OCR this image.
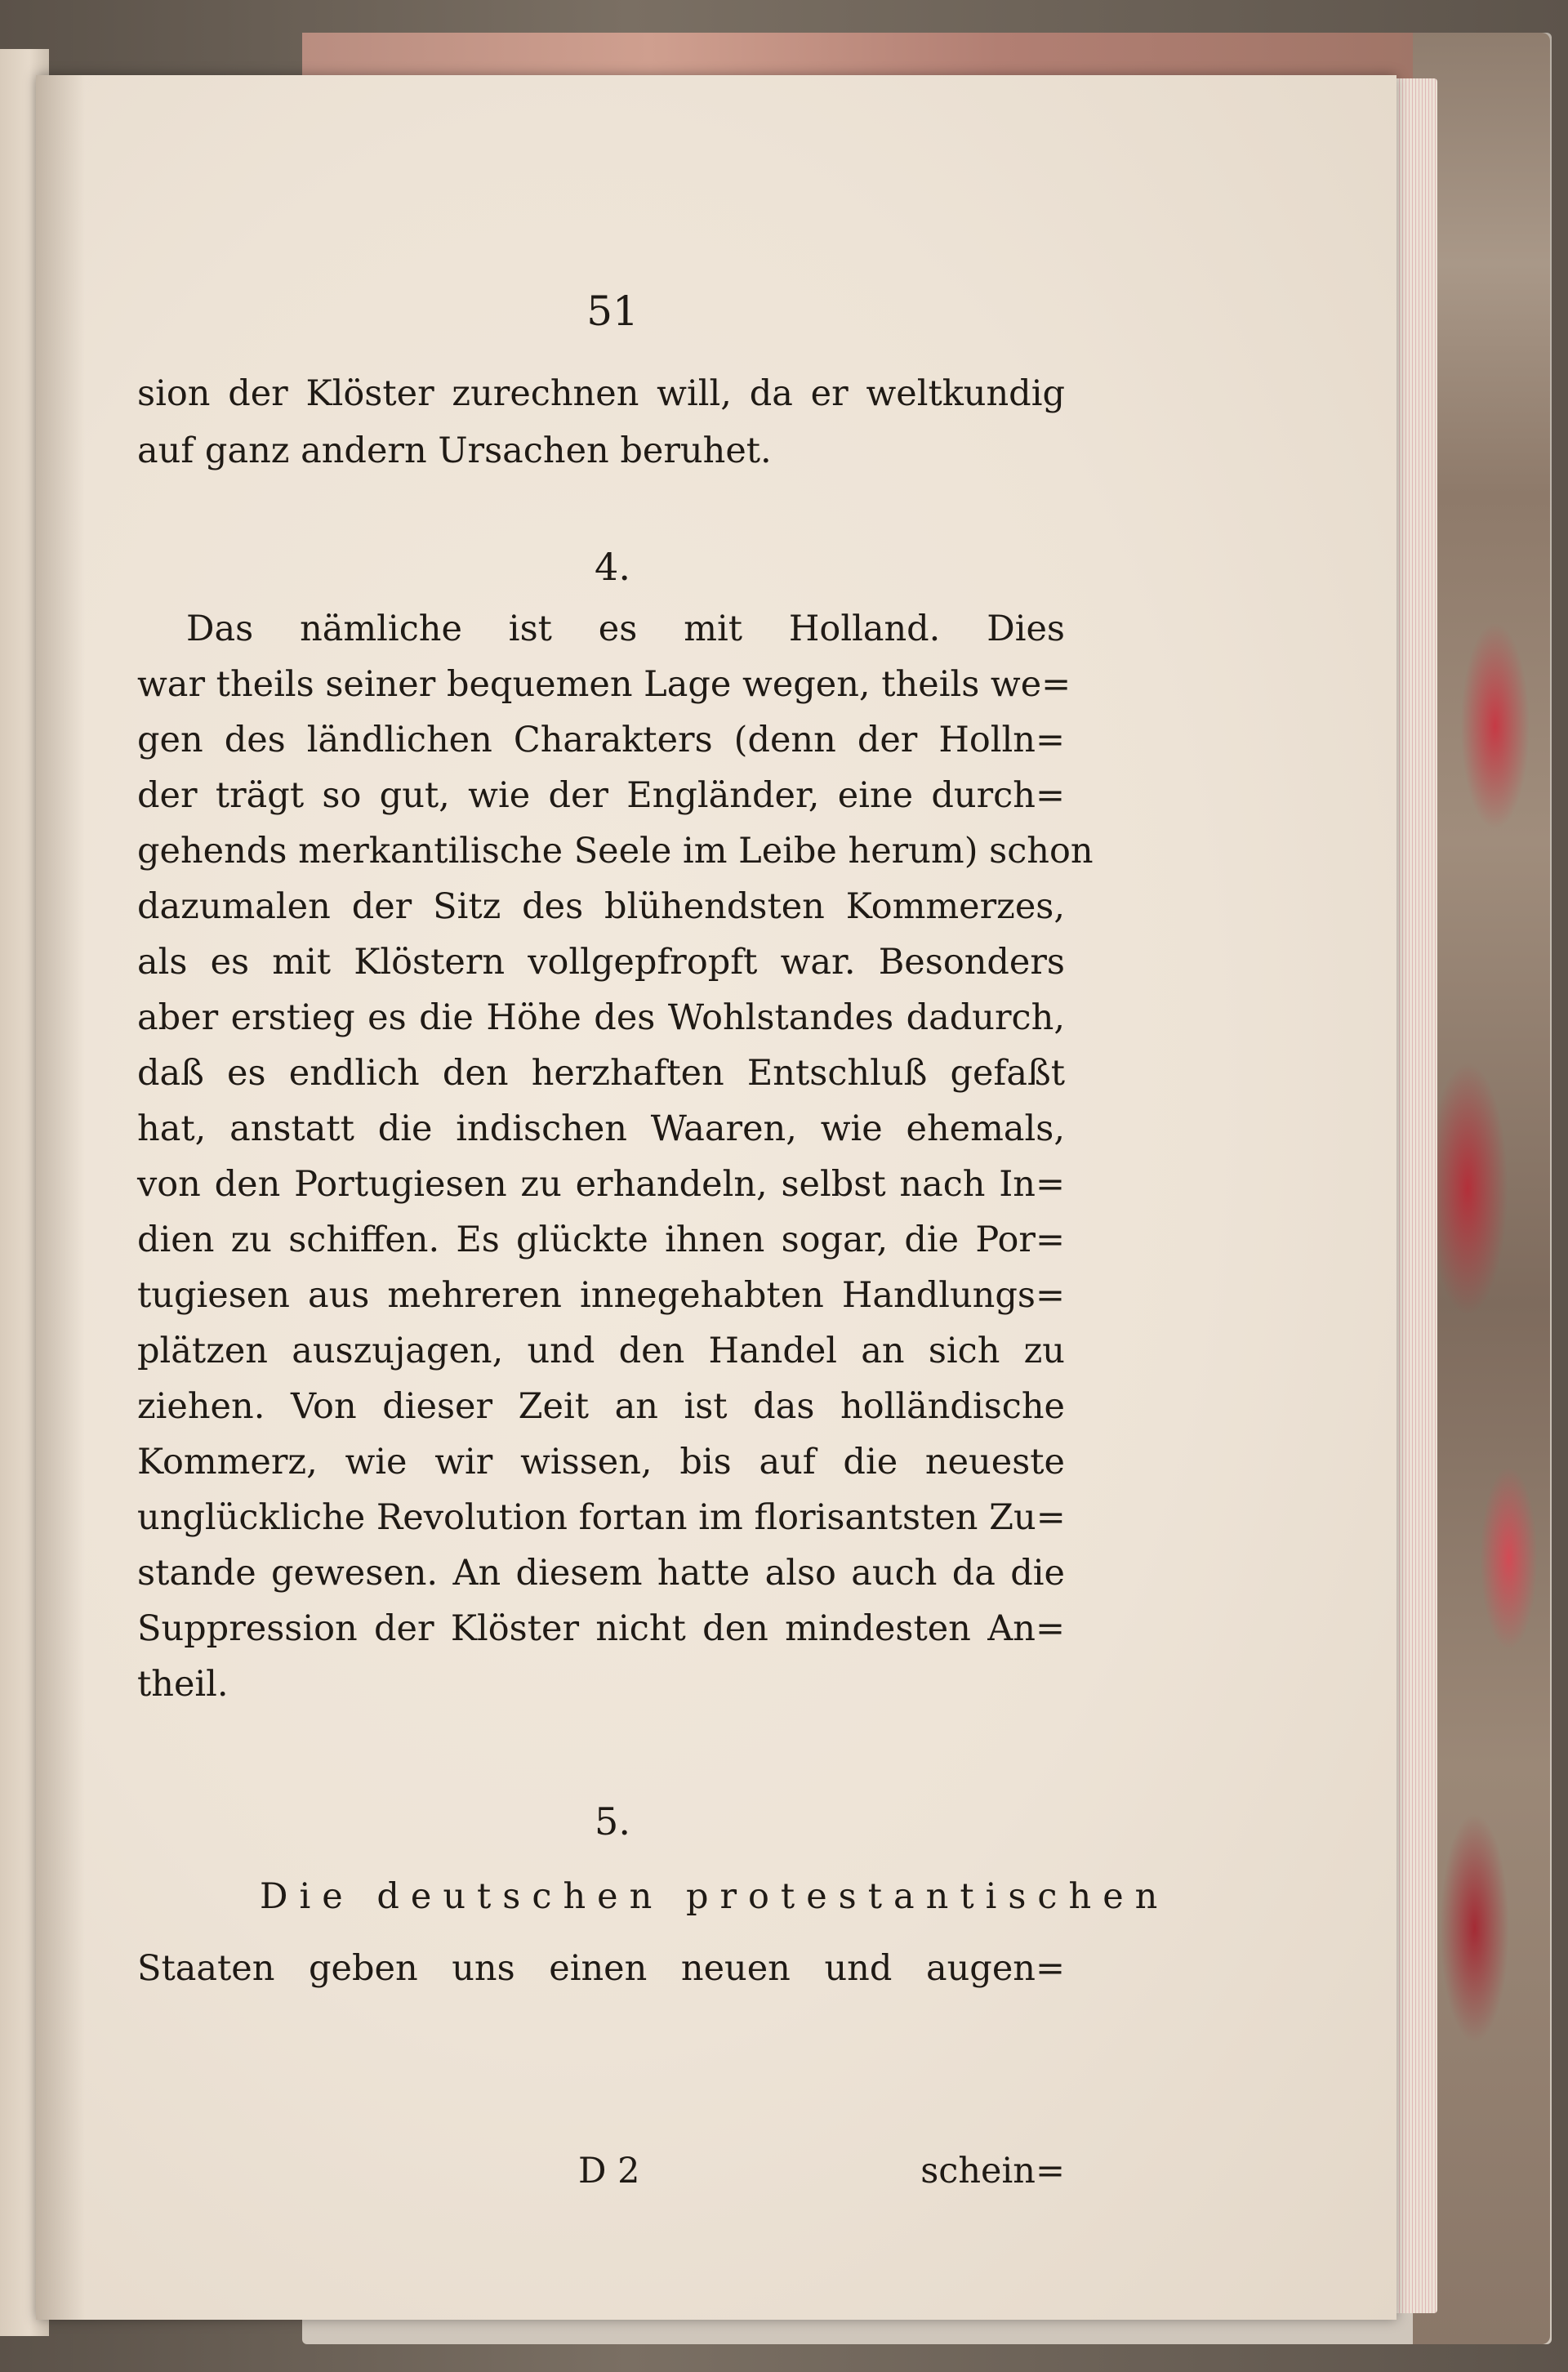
51
sion der Klöster zurechnen will, da er weltkundig
auf ganz andern Ursachen beruhet.
4.
Das nämliche ist es mit Holland. Dies
war theils seiner bequemen Lage wegen, theils we=
gen des ländlichen Charakters (denn der Holln=
der trägt so gut, wie der Engländer, eine durch=
gehends merkantilische Seele im Leibe herum) schon
dazumalen der Sitz des blühendsten Kommerzes,
als es mit Klöstern vollgepfropft war. Besonders
aber erstieg es die Höhe des Wohlstandes dadurch,
daß es endlich den herzhaften Entschluß gefaßt
hat, anstatt die indischen Waaren, wie ehemals,
von den Portugiesen zu erhandeln, selbst nach In=
dien zu schiffen. Es glückte ihnen sogar, die Por=
tugiesen aus mehreren innegehabten Handlungs=
plätzen auszujagen, und den Handel an sich zu
ziehen. Von dieser Zeit an ist das holländische
Kommerz, wie wir wissen, bis auf die neueste
unglückliche Revolution fortan im florisantsten Zu=
stande gewesen. An diesem hatte also auch da die
Suppression der Klöster nicht den mindesten An=
theil.
5.
Die deutschen protestantischen
Staaten geben uns einen neuen und augen=
D 2	schein=
